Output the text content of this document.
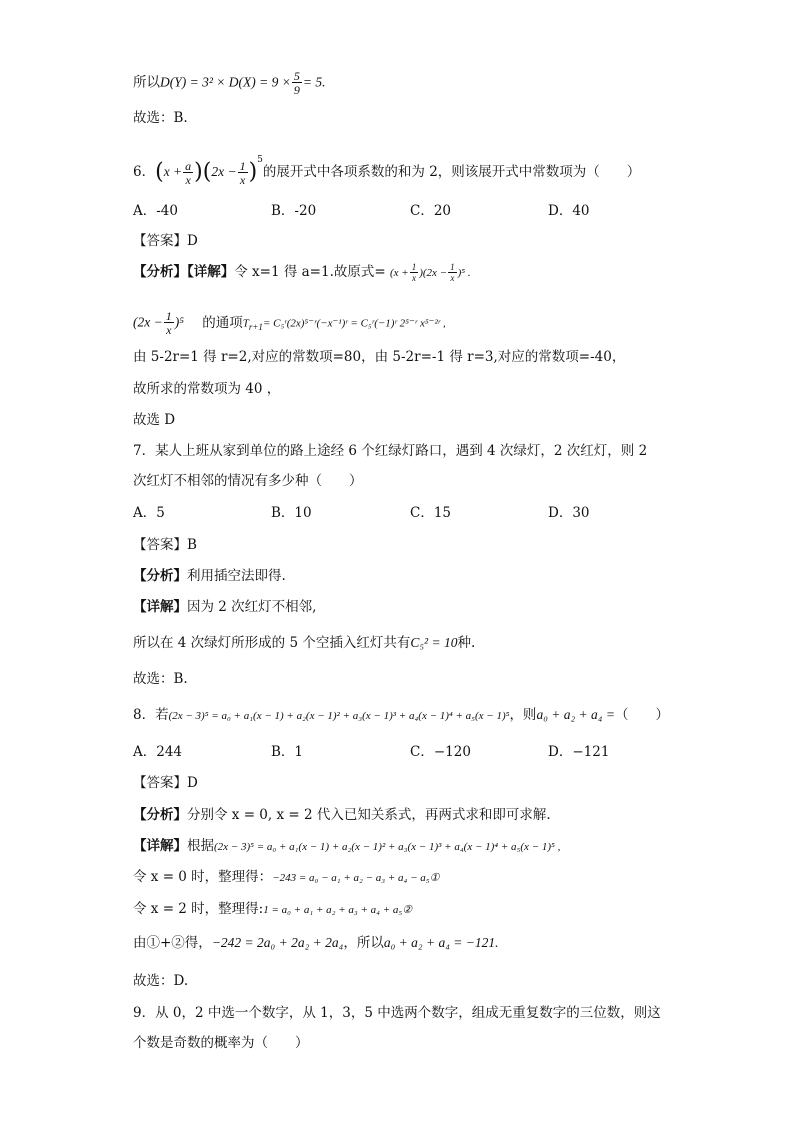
所以$D(Y) = 3^2 \times D(X) = 9 \times \frac{5}{9} = 5$.
故选：B.
6．$(x + \frac{a}{x} )(2x - \frac{1}{x} )^5$的展开式中各项系数的和为 2，则该展开式中常数项为（　　）
A．-40	B．-20	C．20	D．40
【答案】D
【分析】【详解】令 x=1 得 a=1.故原式= $(x + \frac{1}{x} )(2x - \frac{1}{x} )^5$ .
$(2x - \frac{1}{x} )^5$ 的通项$T_{r+1}=$ C₅ʳ(2x)⁵⁻ʳ(−x⁻¹)ʳ = C₅ʳ(−1)ʳ 2⁵⁻ʳ x⁵⁻²ʳ ,
由 5-2r=1 得 r=2,对应的常数项=80，由 5-2r=-1 得 r=3,对应的常数项=-40，
故所求的常数项为 40 ，
故选 D
7．某人上班从家到单位的路上途经 6 个红绿灯路口，遇到 4 次绿灯，2 次红灯，则 2
次红灯不相邻的情况有多少种（　　）
A．5	B．10	C．15	D．30
【答案】B
【分析】利用插空法即得.
【详解】因为 2 次红灯不相邻,
所以在 4 次绿灯所形成的 5 个空插入红灯共有C₅² = 10种.
故选：B.
8．若(2x − 3)⁵ = a₀ + a₁(x − 1) + a₂(x − 1)² + a₃(x − 1)³ + a₄(x − 1)⁴ + a₅(x − 1)⁵，则a₀ + a₂ + a₄ =（　　）
A．244	B．1	C．−120	D．−121
【答案】D
【分析】分别令 x = 0, x = 2 代入已知关系式，再两式求和即可求解.
【详解】根据(2x − 3)⁵ = a₀ + a₁(x − 1) + a₂(x − 1)² + a₃(x − 1)³ + a₄(x − 1)⁴ + a₅(x − 1)⁵ ,
令 x = 0 时，整理得：−243 = a₀ − a₁ + a₂ − a₃ + a₄ − a₅①
令 x = 2 时，整理得:1 = a₀ + a₁ + a₂ + a₃ + a₄ + a₅②
由①+②得，−242 = 2a₀ + 2a₂ + 2a₄，所以a₀ + a₂ + a₄ = −121.
故选：D.
9．从 0，2 中选一个数字，从 1，3，5 中选两个数字，组成无重复数字的三位数，则这
个数是奇数的概率为（　　）
